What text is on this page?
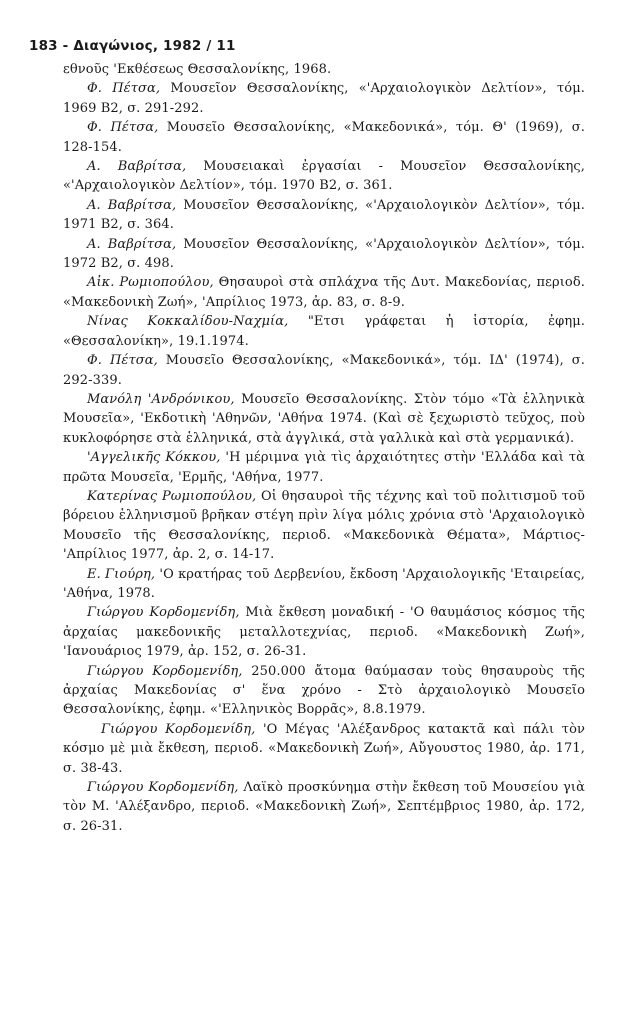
183 - Διαγώνιος, 1982 / 11

εθνοῦς 'Εκθέσεως Θεσσαλονίκης, 1968.

Φ. Πέτσα, Μουσεῖον Θεσσαλονίκης, «'Αρχαιολογικὸν Δελτίον», τόμ. 1969 Β2, σ. 291-292.

Φ. Πέτσα, Μουσεῖο Θεσσαλονίκης, «Μακεδονικά», τόμ. Θ' (1969), σ. 128-154.

Α. Βαβρίτσα, Μουσειακαὶ ἐργασίαι - Μουσεῖον Θεσσαλονίκης, «'Αρχαιολογικὸν Δελτίον», τόμ. 1970 Β2, σ. 361.

Α. Βαβρίτσα, Μουσεῖον Θεσσαλονίκης, «'Αρχαιολογικὸν Δελτίον», τόμ. 1971 Β2, σ. 364.

Α. Βαβρίτσα, Μουσεῖον Θεσσαλονίκης, «'Αρχαιολογικὸν Δελτίον», τόμ. 1972 Β2, σ. 498.

Αἰκ. Ρωμιοπούλου, Θησαυροὶ στὰ σπλάχνα τῆς Δυτ. Μακεδονίας, περιοδ. «Μακεδονικὴ Ζωή», 'Απρίλιος 1973, ἀρ. 83, σ. 8-9.

Νίνας Κοκκαλίδου-Ναχμία, "Ετσι γράφεται ἡ ἱστορία, ἐφημ. «Θεσσαλονίκη», 19.1.1974.

Φ. Πέτσα, Μουσεῖο Θεσσαλονίκης, «Μακεδονικά», τόμ. ΙΔ' (1974), σ. 292-339.

Μανόλη 'Ανδρόνικου, Μουσεῖο Θεσσαλονίκης. Στὸν τόμο «Τὰ ἑλληνικὰ Μουσεῖα», 'Εκδοτικὴ 'Αθηνῶν, 'Αθήνα 1974. (Καὶ σὲ ξεχωριστὸ τεῦχος, ποὺ κυκλοφόρησε στὰ ἑλληνικά, στὰ ἀγγλικά, στὰ γαλλικὰ καὶ στὰ γερμανικά).

'Αγγελικῆς Κόκκου, 'Η μέριμνα γιὰ τὶς ἀρχαιότητες στὴν 'Ελλάδα καὶ τὰ πρῶτα Μουσεῖα, 'Ερμῆς, 'Αθήνα, 1977.

Κατερίνας Ρωμιοπούλου, Οἱ θησαυροὶ τῆς τέχνης καὶ τοῦ πολιτισμοῦ τοῦ βόρειου ἑλληνισμοῦ βρῆκαν στέγη πρὶν λίγα μόλις χρόνια στὸ 'Αρχαιολογικὸ Μουσεῖο τῆς Θεσσαλονίκης, περιοδ. «Μακεδονικὰ Θέματα», Μάρτιος-'Απρίλιος 1977, ἀρ. 2, σ. 14-17.

Ε. Γιούρη, 'Ο κρατήρας τοῦ Δερβενίου, ἔκδοση 'Αρχαιολογικῆς 'Εταιρείας, 'Αθήνα, 1978.

Γιώργου Κορδομενίδη, Μιὰ ἔκθεση μοναδική - 'Ο θαυμάσιος κόσμος τῆς ἀρχαίας μακεδονικῆς μεταλλοτεχνίας, περιοδ. «Μακεδονικὴ Ζωή», 'Ιανουάριος 1979, ἀρ. 152, σ. 26-31.

Γιώργου Κορδομενίδη, 250.000 ἄτομα θαύμασαν τοὺς θησαυροὺς τῆς ἀρχαίας Μακεδονίας σ' ἕνα χρόνο - Στὸ ἀρχαιολογικὸ Μουσεῖο Θεσσαλονίκης, ἐφημ. «'Ελληνικὸς Βορρᾶς», 8.8.1979.

Γιώργου Κορδομενίδη, 'Ο Μέγας 'Αλέξανδρος κατακτᾶ καὶ πάλι τὸν κόσμο μὲ μιὰ ἔκθεση, περιοδ. «Μακεδονικὴ Ζωή», Αὔγουστος 1980, ἀρ. 171, σ. 38-43.

Γιώργου Κορδομενίδη, Λαϊκὸ προσκύνημα στὴν ἔκθεση τοῦ Μουσείου γιὰ τὸν Μ. 'Αλέξανδρο, περιοδ. «Μακεδονικὴ Ζωή», Σεπτέμβριος 1980, ἀρ. 172, σ. 26-31.
